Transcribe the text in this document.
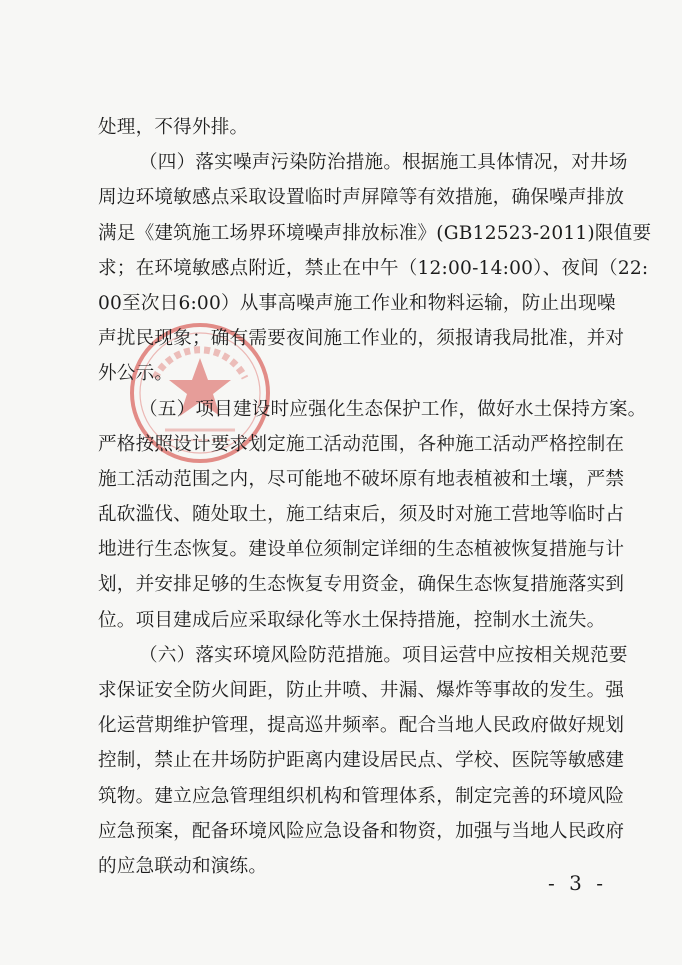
处理，不得外排。
（四）落实噪声污染防治措施。根据施工具体情况，对井场
周边环境敏感点采取设置临时声屏障等有效措施，确保噪声排放
满足《建筑施工场界环境噪声排放标准》(GB12523-2011)限值要
求；在环境敏感点附近，禁止在中午（12:00-14:00）、夜间（22:
00至次日6:00）从事高噪声施工作业和物料运输，防止出现噪
声扰民现象；确有需要夜间施工作业的，须报请我局批准，并对
外公示。
（五）项目建设时应强化生态保护工作，做好水土保持方案。
严格按照设计要求划定施工活动范围，各种施工活动严格控制在
施工活动范围之内，尽可能地不破坏原有地表植被和土壤，严禁
乱砍滥伐、随处取土，施工结束后，须及时对施工营地等临时占
地进行生态恢复。建设单位须制定详细的生态植被恢复措施与计
划，并安排足够的生态恢复专用资金，确保生态恢复措施落实到
位。项目建成后应采取绿化等水土保持措施，控制水土流失。
（六）落实环境风险防范措施。项目运营中应按相关规范要
求保证安全防火间距，防止井喷、井漏、爆炸等事故的发生。强
化运营期维护管理，提高巡井频率。配合当地人民政府做好规划
控制，禁止在井场防护距离内建设居民点、学校、医院等敏感建
筑物。建立应急管理组织机构和管理体系，制定完善的环境风险
应急预案，配备环境风险应急设备和物资，加强与当地人民政府
的应急联动和演练。
- 3 -
